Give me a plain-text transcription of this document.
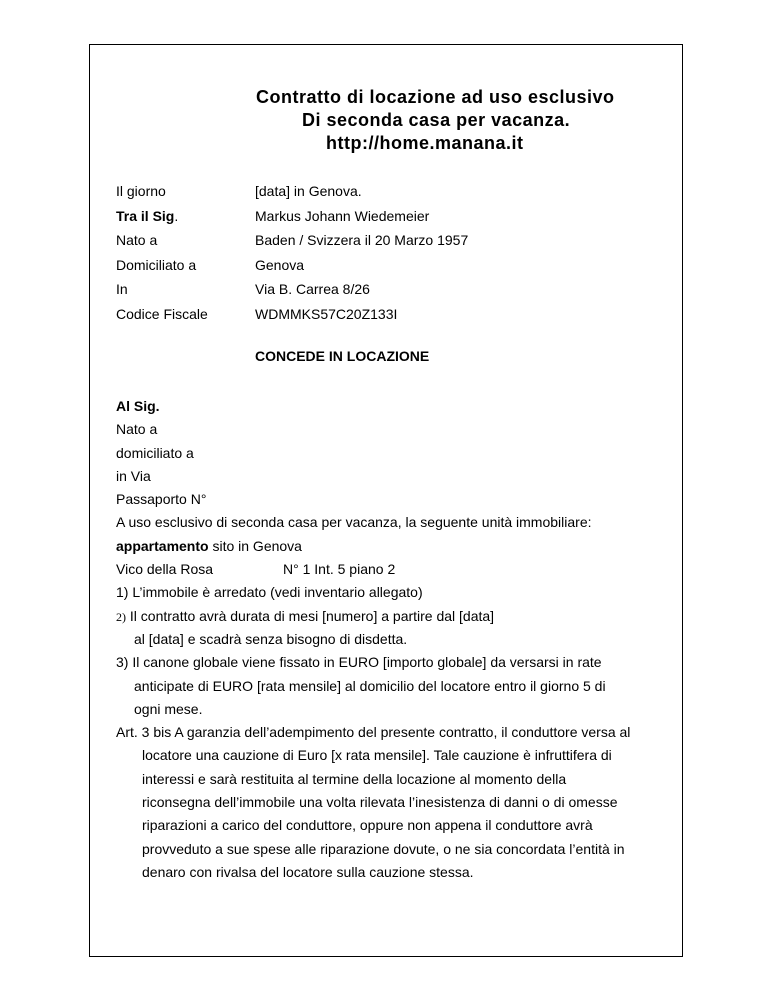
Contratto di locazione ad uso esclusivo
Di seconda casa per vacanza.
http://home.manana.it
Il giorno	[data] in Genova.
Tra il Sig.	Markus Johann Wiedemeier
Nato a	Baden / Svizzera il 20 Marzo 1957
Domiciliato a	Genova
In	Via B. Carrea 8/26
Codice Fiscale	WDMMKS57C20Z133I
CONCEDE IN LOCAZIONE
Al Sig.
Nato a
domiciliato a
in Via
Passaporto N°
A uso esclusivo di seconda casa per vacanza, la seguente unità immobiliare:
appartamento sito in Genova
Vico della Rosa	N° 1 Int. 5 piano 2
1) L’immobile è arredato (vedi inventario allegato)
2) Il contratto avrà durata di mesi [numero] a partire dal [data]
al [data] e scadrà senza bisogno di disdetta.
3) Il canone globale viene fissato in EURO [importo globale] da versarsi in rate
anticipate di EURO [rata mensile] al domicilio del locatore entro il giorno 5 di
ogni mese.
Art. 3 bis A garanzia dell’adempimento del presente contratto, il conduttore versa al
locatore una cauzione di Euro [x rata mensile]. Tale cauzione è infruttifera di
interessi e sarà restituita al termine della locazione al momento della
riconsegna dell’immobile una volta rilevata l’inesistenza di danni o di omesse
riparazioni a carico del conduttore, oppure non appena il conduttore avrà
provveduto a sue spese alle riparazione dovute, o ne sia concordata l’entità in
denaro con rivalsa del locatore sulla cauzione stessa.
